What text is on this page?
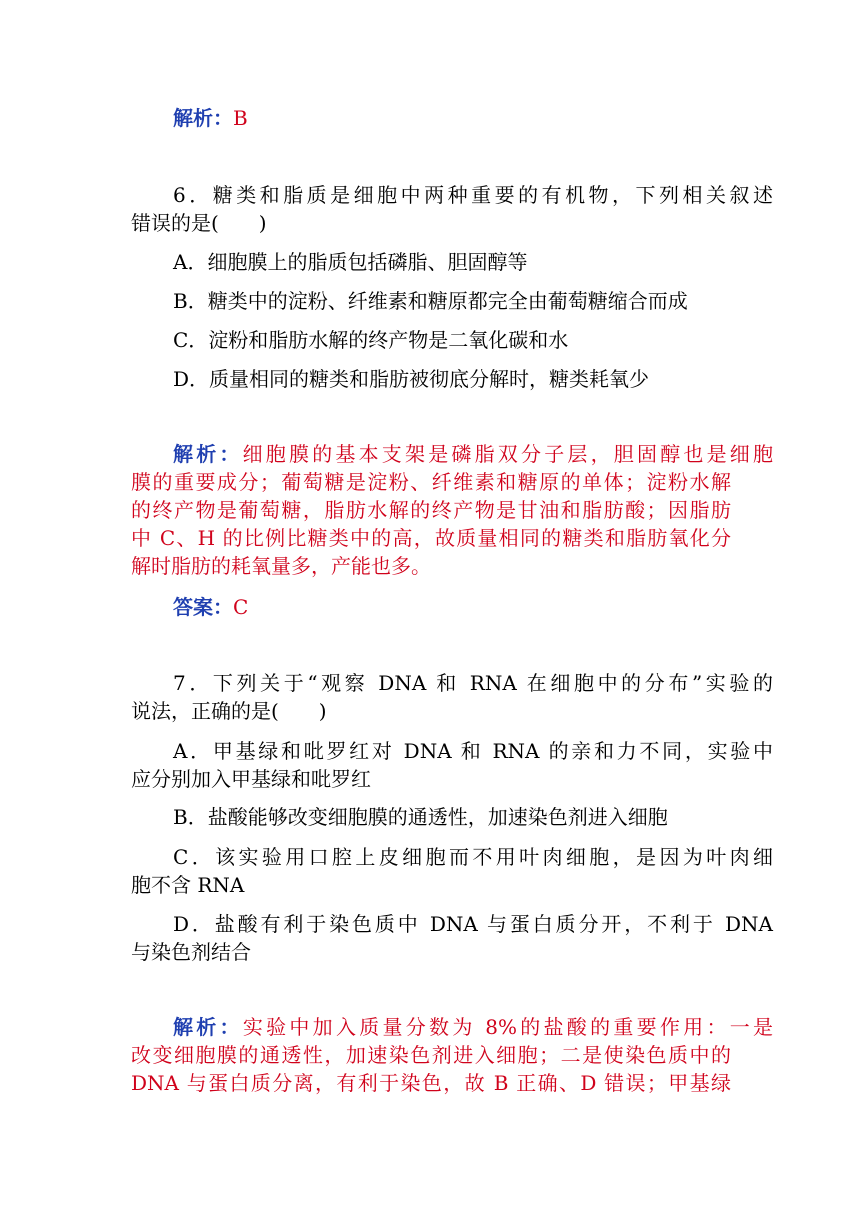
解析：B
6．糖类和脂质是细胞中两种重要的有机物，下列相关叙述
错误的是(　　)
A．细胞膜上的脂质包括磷脂、胆固醇等
B．糖类中的淀粉、纤维素和糖原都完全由葡萄糖缩合而成
C．淀粉和脂肪水解的终产物是二氧化碳和水
D．质量相同的糖类和脂肪被彻底分解时，糖类耗氧少
解析：细胞膜的基本支架是磷脂双分子层，胆固醇也是细胞
膜的重要成分；葡萄糖是淀粉、纤维素和糖原的单体；淀粉水解
的终产物是葡萄糖，脂肪水解的终产物是甘油和脂肪酸；因脂肪
中 C、H 的比例比糖类中的高，故质量相同的糖类和脂肪氧化分
解时脂肪的耗氧量多，产能也多。
答案：C
7．下列关于“观察 DNA 和 RNA 在细胞中的分布”实验的
说法，正确的是(　　)
A．甲基绿和吡罗红对 DNA 和 RNA 的亲和力不同，实验中
应分别加入甲基绿和吡罗红
B．盐酸能够改变细胞膜的通透性，加速染色剂进入细胞
C．该实验用口腔上皮细胞而不用叶肉细胞，是因为叶肉细
胞不含 RNA
D．盐酸有利于染色质中 DNA 与蛋白质分开，不利于 DNA
与染色剂结合
解析：实验中加入质量分数为 8%的盐酸的重要作用：一是
改变细胞膜的通透性，加速染色剂进入细胞；二是使染色质中的
DNA 与蛋白质分离，有利于染色，故 B 正确、D 错误；甲基绿
